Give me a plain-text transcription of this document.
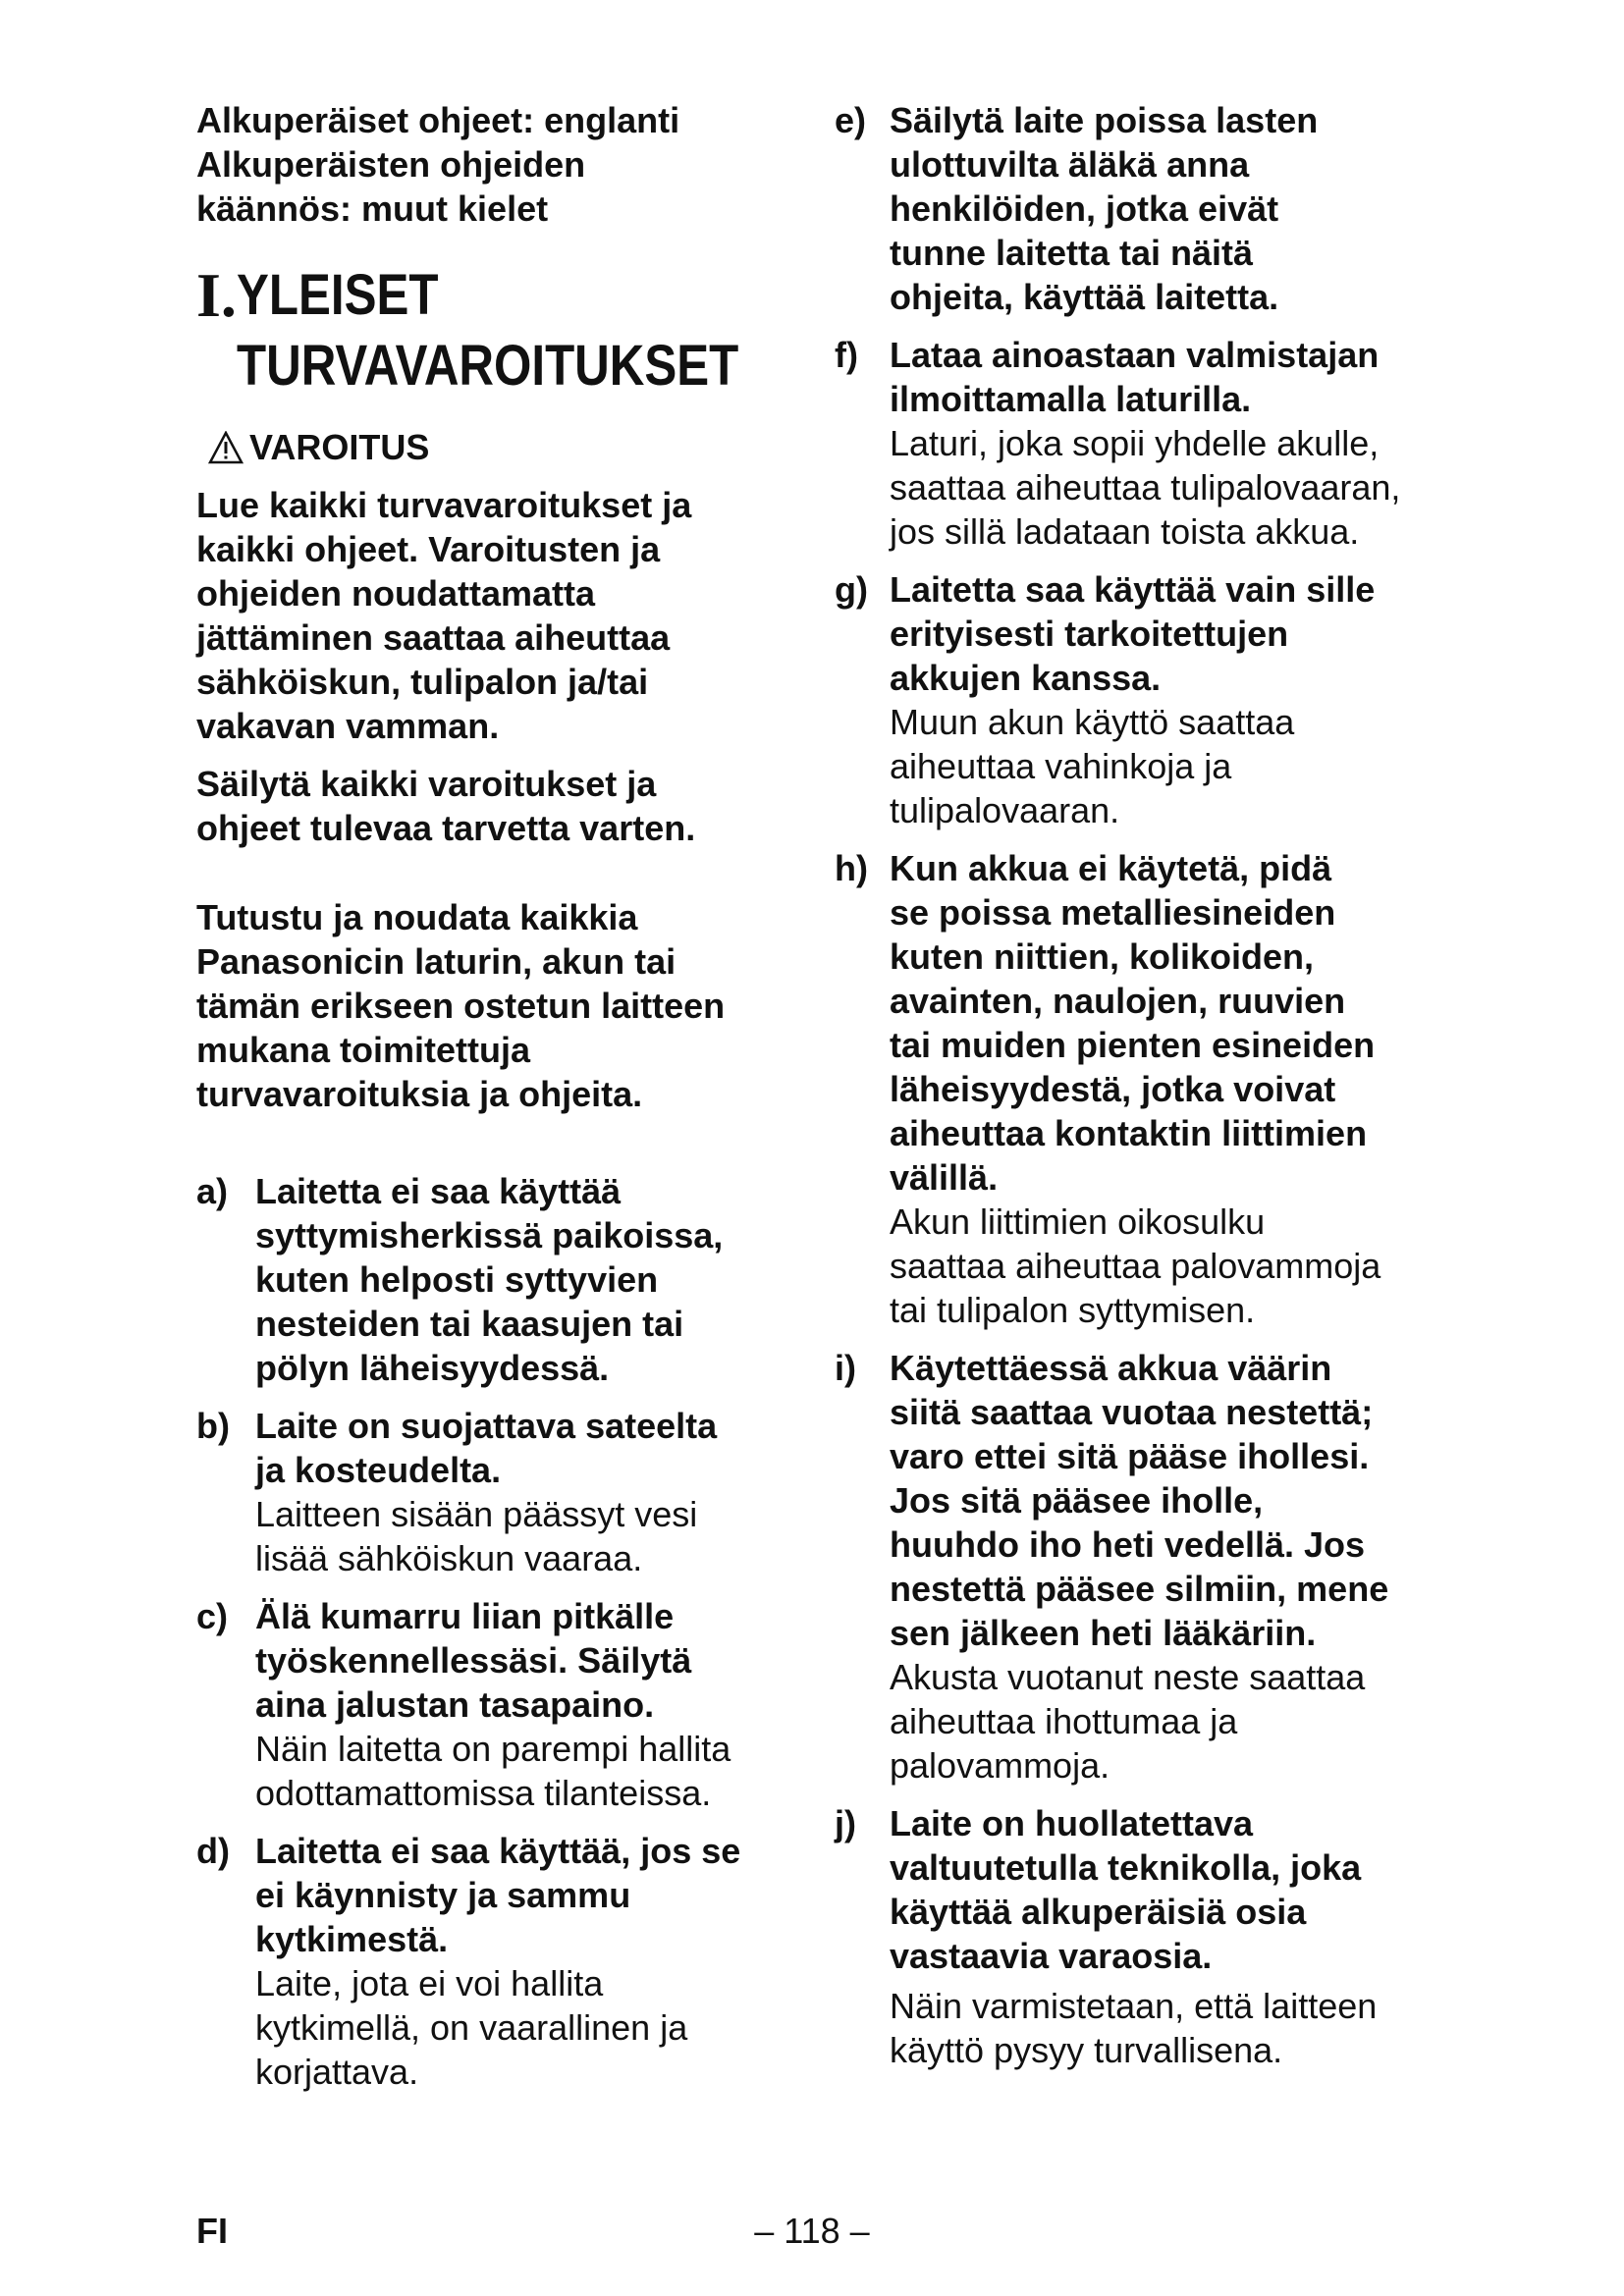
Alkuperäiset ohjeet: englanti
Alkuperäisten ohjeiden
käännös: muut kielet
I. YLEISET
TURVAVAROITUKSET
VAROITUS
Lue kaikki turvavaroitukset ja
kaikki ohjeet. Varoitusten ja
ohjeiden noudattamatta
jättäminen saattaa aiheuttaa
sähköiskun, tulipalon ja/tai
vakavan vamman.
Säilytä kaikki varoitukset ja
ohjeet tulevaa tarvetta varten.
Tutustu ja noudata kaikkia
Panasonicin laturin, akun tai
tämän erikseen ostetun laitteen
mukana toimitettuja
turvavaroituksia ja ohjeita.
a) Laitetta ei saa käyttää
syttymisherkissä paikoissa,
kuten helposti syttyvien
nesteiden tai kaasujen tai
pölyn läheisyydessä.
b) Laite on suojattava sateelta
ja kosteudelta.
Laitteen sisään päässyt vesi
lisää sähköiskun vaaraa.
c) Älä kumarru liian pitkälle
työskennellessäsi. Säilytä
aina jalustan tasapaino.
Näin laitetta on parempi hallita
odottamattomissa tilanteissa.
d) Laitetta ei saa käyttää, jos se
ei käynnisty ja sammu
kytkimestä.
Laite, jota ei voi hallita
kytkimellä, on vaarallinen ja
korjattava.
e) Säilytä laite poissa lasten
ulottuvilta äläkä anna
henkilöiden, jotka eivät
tunne laitetta tai näitä
ohjeita, käyttää laitetta.
f) Lataa ainoastaan valmistajan
ilmoittamalla laturilla.
Laturi, joka sopii yhdelle akulle,
saattaa aiheuttaa tulipalovaaran,
jos sillä ladataan toista akkua.
g) Laitetta saa käyttää vain sille
erityisesti tarkoitettujen
akkujen kanssa.
Muun akun käyttö saattaa
aiheuttaa vahinkoja ja
tulipalovaaran.
h) Kun akkua ei käytetä, pidä
se poissa metalliesineiden
kuten niittien, kolikoiden,
avainten, naulojen, ruuvien
tai muiden pienten esineiden
läheisyydestä, jotka voivat
aiheuttaa kontaktin liittimien
välillä.
Akun liittimien oikosulku
saattaa aiheuttaa palovammoja
tai tulipalon syttymisen.
i) Käytettäessä akkua väärin
siitä saattaa vuotaa nestettä;
varo ettei sitä pääse ihollesi.
Jos sitä pääsee iholle,
huuhdo iho heti vedellä. Jos
nestettä pääsee silmiin, mene
sen jälkeen heti lääkäriin.
Akusta vuotanut neste saattaa
aiheuttaa ihottumaa ja
palovammoja.
j) Laite on huollatettava
valtuutetulla teknikolla, joka
käyttää alkuperäisiä osia
vastaavia varaosia.
Näin varmistetaan, että laitteen
käyttö pysyy turvallisena.
FI	– 118 –
